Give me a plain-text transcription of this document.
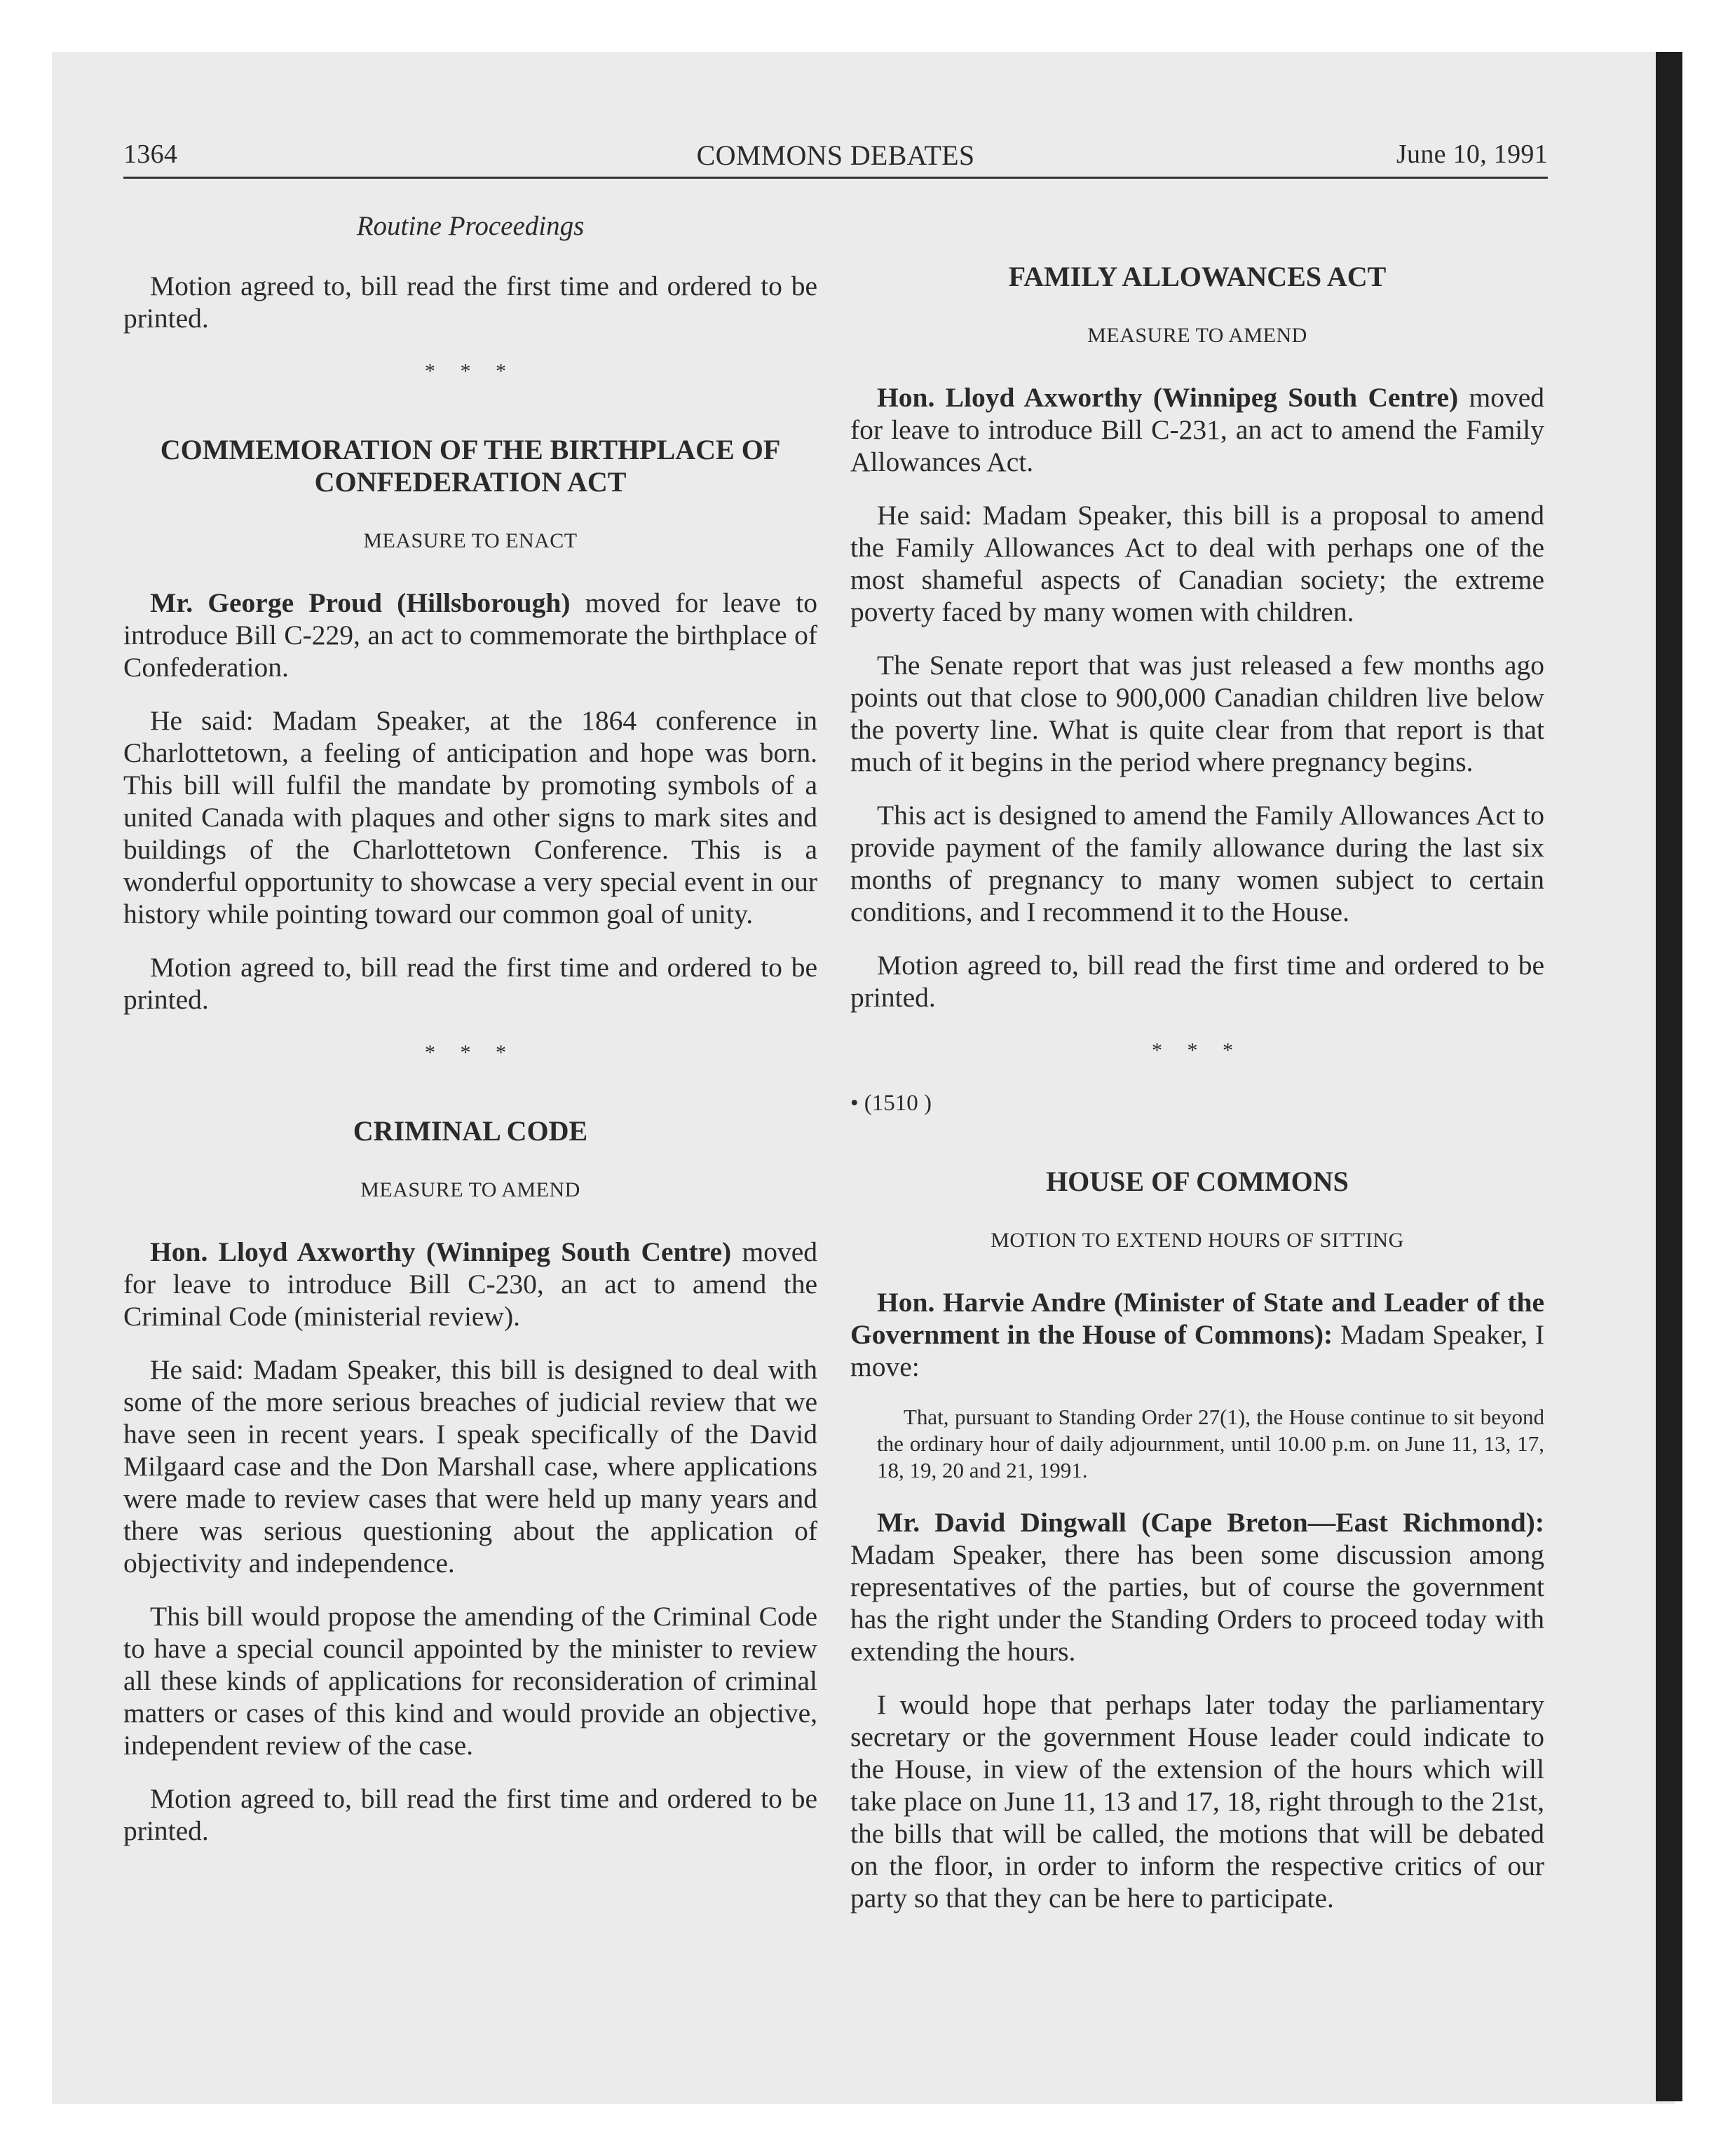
1364	COMMONS DEBATES	June 10, 1991

Routine Proceedings

Motion agreed to, bill read the first time and ordered to be printed.

* * *

COMMEMORATION OF THE BIRTHPLACE OF CONFEDERATION ACT

MEASURE TO ENACT

Mr. George Proud (Hillsborough) moved for leave to introduce Bill C-229, an act to commemorate the birthplace of Confederation.

He said: Madam Speaker, at the 1864 conference in Charlottetown, a feeling of anticipation and hope was born. This bill will fulfil the mandate by promoting symbols of a united Canada with plaques and other signs to mark sites and buildings of the Charlottetown Conference. This is a wonderful opportunity to showcase a very special event in our history while pointing toward our common goal of unity.

Motion agreed to, bill read the first time and ordered to be printed.

* * *

CRIMINAL CODE

MEASURE TO AMEND

Hon. Lloyd Axworthy (Winnipeg South Centre) moved for leave to introduce Bill C-230, an act to amend the Criminal Code (ministerial review).

He said: Madam Speaker, this bill is designed to deal with some of the more serious breaches of judicial review that we have seen in recent years. I speak specifically of the David Milgaard case and the Don Marshall case, where applications were made to review cases that were held up many years and there was serious questioning about the application of objectivity and independence.

This bill would propose the amending of the Criminal Code to have a special council appointed by the minister to review all these kinds of applications for reconsideration of criminal matters or cases of this kind and would provide an objective, independent review of the case.

Motion agreed to, bill read the first time and ordered to be printed.

FAMILY ALLOWANCES ACT

MEASURE TO AMEND

Hon. Lloyd Axworthy (Winnipeg South Centre) moved for leave to introduce Bill C-231, an act to amend the Family Allowances Act.

He said: Madam Speaker, this bill is a proposal to amend the Family Allowances Act to deal with perhaps one of the most shameful aspects of Canadian society; the extreme poverty faced by many women with children.

The Senate report that was just released a few months ago points out that close to 900,000 Canadian children live below the poverty line. What is quite clear from that report is that much of it begins in the period where pregnancy begins.

This act is designed to amend the Family Allowances Act to provide payment of the family allowance during the last six months of pregnancy to many women subject to certain conditions, and I recommend it to the House.

Motion agreed to, bill read the first time and ordered to be printed.

* * *

• (1510 )

HOUSE OF COMMONS

MOTION TO EXTEND HOURS OF SITTING

Hon. Harvie Andre (Minister of State and Leader of the Government in the House of Commons): Madam Speaker, I move:

That, pursuant to Standing Order 27(1), the House continue to sit beyond the ordinary hour of daily adjournment, until 10.00 p.m. on June 11, 13, 17, 18, 19, 20 and 21, 1991.

Mr. David Dingwall (Cape Breton—East Richmond): Madam Speaker, there has been some discussion among representatives of the parties, but of course the government has the right under the Standing Orders to proceed today with extending the hours.

I would hope that perhaps later today the parliamentary secretary or the government House leader could indicate to the House, in view of the extension of the hours which will take place on June 11, 13 and 17, 18, right through to the 21st, the bills that will be called, the motions that will be debated on the floor, in order to inform the respective critics of our party so that they can be here to participate.
